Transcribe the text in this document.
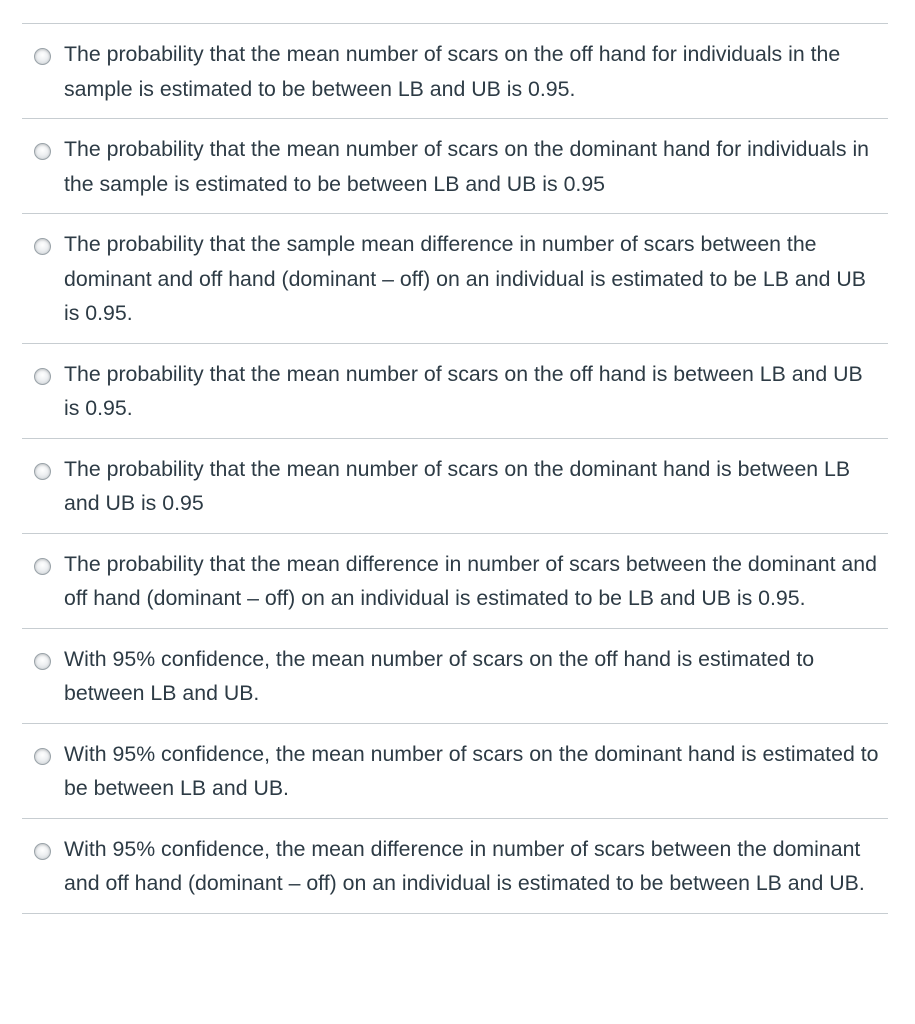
The probability that the mean number of scars on the off hand for individuals in the sample is estimated to be between LB and UB is 0.95.
The probability that the mean number of scars on the dominant hand for individuals in the sample is estimated to be between LB and UB is 0.95
The probability that the sample mean difference in number of scars between the dominant and off hand (dominant – off) on an individual is estimated to be LB and UB is 0.95.
The probability that the mean number of scars on the off hand is between LB and UB is 0.95.
The probability that the mean number of scars on the dominant hand is between LB and UB is 0.95
The probability that the mean difference in number of scars between the dominant and off hand (dominant – off) on an individual is estimated to be LB and UB is 0.95.
With 95% confidence, the mean number of scars on the off hand is estimated to between LB and UB.
With 95% confidence, the mean number of scars on the dominant hand is estimated to be between LB and UB.
With 95% confidence, the mean difference in number of scars between the dominant and off hand (dominant – off) on an individual is estimated to be between LB and UB.
